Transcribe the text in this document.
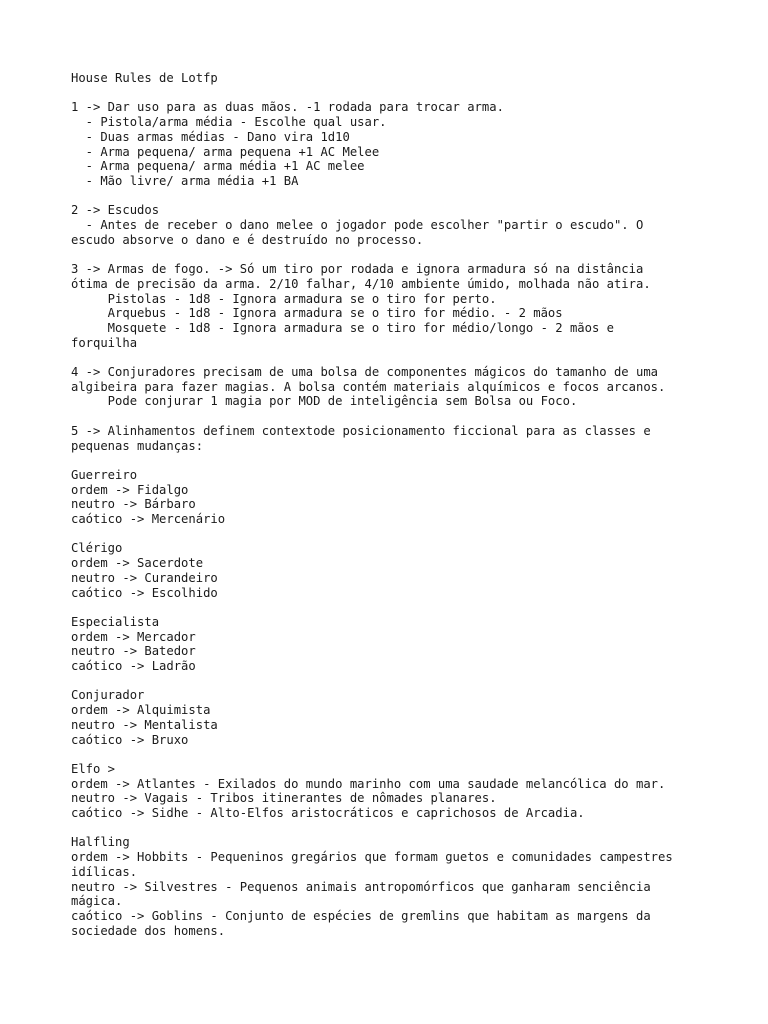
House Rules de Lotfp
1 -> Dar uso para as duas mãos. -1 rodada para trocar arma.
- Pistola/arma média - Escolhe qual usar.
- Duas armas médias - Dano vira 1d10
- Arma pequena/ arma pequena +1 AC Melee
- Arma pequena/ arma média +1 AC melee
- Mão livre/ arma média +1 BA
2 -> Escudos
- Antes de receber o dano melee o jogador pode escolher "partir o escudo". O
escudo absorve o dano e é destruído no processo.
3 -> Armas de fogo. -> Só um tiro por rodada e ignora armadura só na distância
ótima de precisão da arma. 2/10 falhar, 4/10 ambiente úmido, molhada não atira.
Pistolas - 1d8 - Ignora armadura se o tiro for perto.
Arquebus - 1d8 - Ignora armadura se o tiro for médio. - 2 mãos
Mosquete - 1d8 - Ignora armadura se o tiro for médio/longo - 2 mãos e
forquilha
4 -> Conjuradores precisam de uma bolsa de componentes mágicos do tamanho de uma
algibeira para fazer magias. A bolsa contém materiais alquímicos e focos arcanos.
Pode conjurar 1 magia por MOD de inteligência sem Bolsa ou Foco.
5 -> Alinhamentos definem contextode posicionamento ficcional para as classes e
pequenas mudanças:
Guerreiro
ordem -> Fidalgo
neutro -> Bárbaro
caótico -> Mercenário
Clérigo
ordem -> Sacerdote
neutro -> Curandeiro
caótico -> Escolhido
Especialista
ordem -> Mercador
neutro -> Batedor
caótico -> Ladrão
Conjurador
ordem -> Alquimista
neutro -> Mentalista
caótico -> Bruxo
Elfo >
ordem -> Atlantes - Exilados do mundo marinho com uma saudade melancólica do mar.
neutro -> Vagais - Tribos itinerantes de nômades planares.
caótico -> Sidhe - Alto-Elfos aristocráticos e caprichosos de Arcadia.
Halfling
ordem -> Hobbits - Pequeninos gregários que formam guetos e comunidades campestres
idílicas.
neutro -> Silvestres - Pequenos animais antropomórficos que ganharam senciência
mágica.
caótico -> Goblins - Conjunto de espécies de gremlins que habitam as margens da
sociedade dos homens.
